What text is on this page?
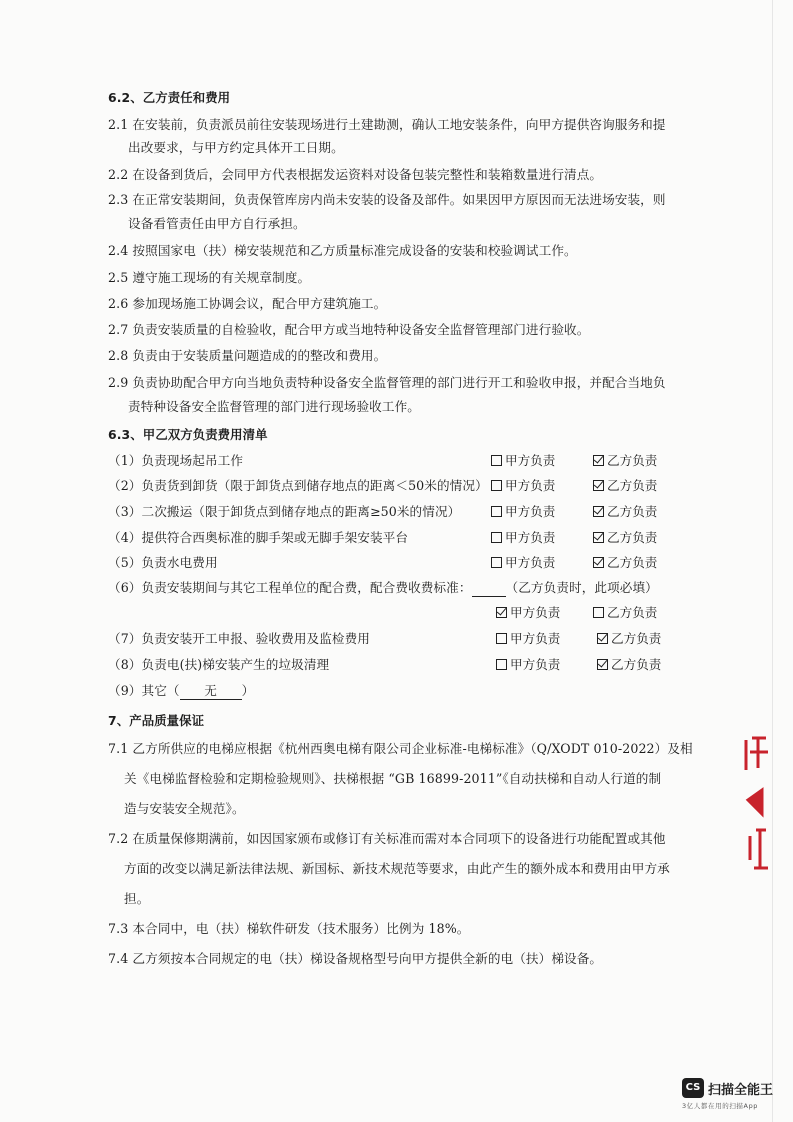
6.2、乙方责任和费用
2.1 在安装前，负责派员前往安装现场进行土建勘测，确认工地安装条件，向甲方提供咨询服务和提
出改要求，与甲方约定具体开工日期。
2.2 在设备到货后，会同甲方代表根据发运资料对设备包装完整性和装箱数量进行清点。
2.3 在正常安装期间，负责保管库房内尚未安装的设备及部件。如果因甲方原因而无法进场安装，则
设备看管责任由甲方自行承担。
2.4 按照国家电（扶）梯安装规范和乙方质量标准完成设备的安装和校验调试工作。
2.5 遵守施工现场的有关规章制度。
2.6 参加现场施工协调会议，配合甲方建筑施工。
2.7 负责安装质量的自检验收，配合甲方或当地特种设备安全监督管理部门进行验收。
2.8 负责由于安装质量问题造成的的整改和费用。
2.9 负责协助配合甲方向当地负责特种设备安全监督管理的部门进行开工和验收申报，并配合当地负
责特种设备安全监督管理的部门进行现场验收工作。
6.3、甲乙双方负责费用清单
（1）负责现场起吊工作	甲方负责	乙方负责
（2）负责货到卸货（限于卸货点到储存地点的距离＜50米的情况）	甲方负责	乙方负责
（3）二次搬运（限于卸货点到储存地点的距离≥50米的情况）	甲方负责	乙方负责
（4）提供符合西奥标准的脚手架或无脚手架安装平台	甲方负责	乙方负责
（5）负责水电费用	甲方负责	乙方负责
（6）负责安装期间与其它工程单位的配合费，配合费收费标准：	（乙方负责时，此项必填）
甲方负责	乙方负责
（7）负责安装开工申报、验收费用及监检费用	甲方负责	乙方负责
（8）负责电(扶)梯安装产生的垃圾清理	甲方负责	乙方负责
（9）其它（ 无 ）
7、产品质量保证
7.1 乙方所供应的电梯应根据《杭州西奥电梯有限公司企业标准-电梯标准》（Q/XODT 010-2022）及相
关《电梯监督检验和定期检验规则》、扶梯根据 “GB 16899-2011”《自动扶梯和自动人行道的制
造与安装安全规范》。
7.2 在质量保修期满前，如因国家颁布或修订有关标准而需对本合同项下的设备进行功能配置或其他
方面的改变以满足新法律法规、新国标、新技术规范等要求，由此产生的额外成本和费用由甲方承
担。
7.3 本合同中，电（扶）梯软件研发（技术服务）比例为 18%。
7.4 乙方须按本合同规定的电（扶）梯设备规格型号向甲方提供全新的电（扶）梯设备。
CS 扫描全能王
3亿人都在用的扫描App
